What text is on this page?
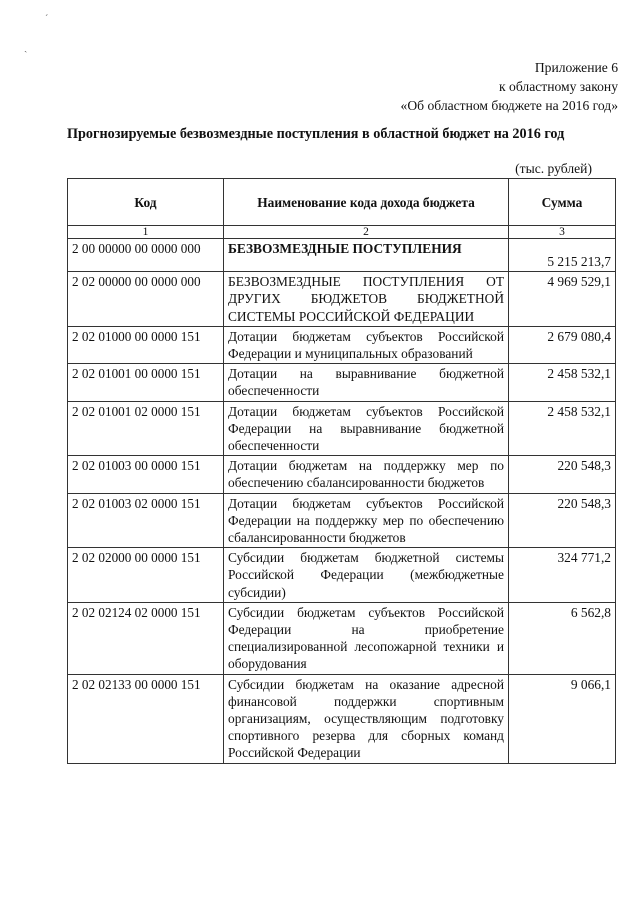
´
ˎ
Приложение 6
к областному закону
«Об областном бюджете на 2016 год»
Прогнозируемые безвозмездные поступления в областной бюджет на 2016 год
(тыс. рублей)
Код	Наименование кода дохода бюджета	Сумма
1	2	3
2 00 00000 00 0000 000	БЕЗВОЗМЕЗДНЫЕ ПОСТУПЛЕНИЯ	5 215 213,7
2 02 00000 00 0000 000	БЕЗВОЗМЕЗДНЫЕ ПОСТУПЛЕНИЯ ОТ ДРУГИХ БЮДЖЕТОВ БЮДЖЕТНОЙ СИСТЕМЫ РОССИЙСКОЙ ФЕДЕРАЦИИ	4 969 529,1
2 02 01000 00 0000 151	Дотации бюджетам субъектов Российской Федерации и муниципальных образований	2 679 080,4
2 02 01001 00 0000 151	Дотации на выравнивание бюджетной обеспеченности	2 458 532,1
2 02 01001 02 0000 151	Дотации бюджетам субъектов Российской Федерации на выравнивание бюджетной обеспеченности	2 458 532,1
2 02 01003 00 0000 151	Дотации бюджетам на поддержку мер по обеспечению сбалансированности бюджетов	220 548,3
2 02 01003 02 0000 151	Дотации бюджетам субъектов Российской Федерации на поддержку мер по обеспечению сбалансированности бюджетов	220 548,3
2 02 02000 00 0000 151	Субсидии бюджетам бюджетной системы Российской Федерации (межбюджетные субсидии)	324 771,2
2 02 02124 02 0000 151	Субсидии бюджетам субъектов Российской Федерации на приобретение специализированной лесопожарной техники и оборудования	6 562,8
2 02 02133 00 0000 151	Субсидии бюджетам на оказание адресной финансовой поддержки спортивным организациям, осуществляющим подготовку спортивного резерва для сборных команд Российской Федерации	9 066,1
